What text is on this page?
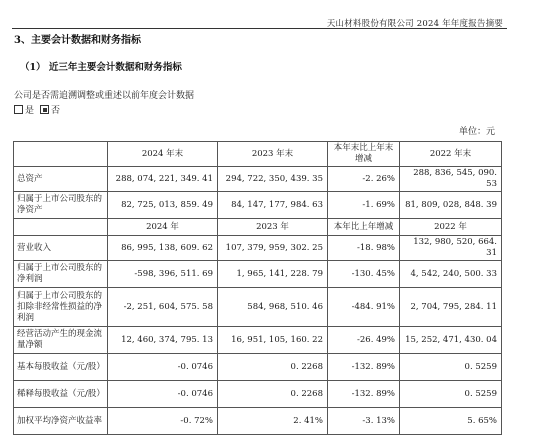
天山材料股份有限公司 2024 年年度报告摘要
3、主要会计数据和财务指标
（1） 近三年主要会计数据和财务指标
公司是否需追溯调整或重述以前年度会计数据
是 否
单位：元
	2024 年末	2023 年末	本年末比上年末增减	2022 年末
总资产	288, 074, 221, 349. 41	294, 722, 350, 439. 35	-2. 26%	288, 836, 545, 090. 53
归属于上市公司股东的净资产	82, 725, 013, 859. 49	84, 147, 177, 984. 63	-1. 69%	81, 809, 028, 848. 39
	2024 年	2023 年	本年比上年增减	2022 年
营业收入	86, 995, 138, 609. 62	107, 379, 959, 302. 25	-18. 98%	132, 980, 520, 664. 31
归属于上市公司股东的净利润	-598, 396, 511. 69	1, 965, 141, 228. 79	-130. 45%	4, 542, 240, 500. 33
归属于上市公司股东的扣除非经常性损益的净利润	-2, 251, 604, 575. 58	584, 968, 510. 46	-484. 91%	2, 704, 795, 284. 11
经营活动产生的现金流量净额	12, 460, 374, 795. 13	16, 951, 105, 160. 22	-26. 49%	15, 252, 471, 430. 04
基本每股收益（元/股）	-0. 0746	0. 2268	-132. 89%	0. 5259
稀释每股收益（元/股）	-0. 0746	0. 2268	-132. 89%	0. 5259
加权平均净资产收益率	-0. 72%	2. 41%	-3. 13%	5. 65%
